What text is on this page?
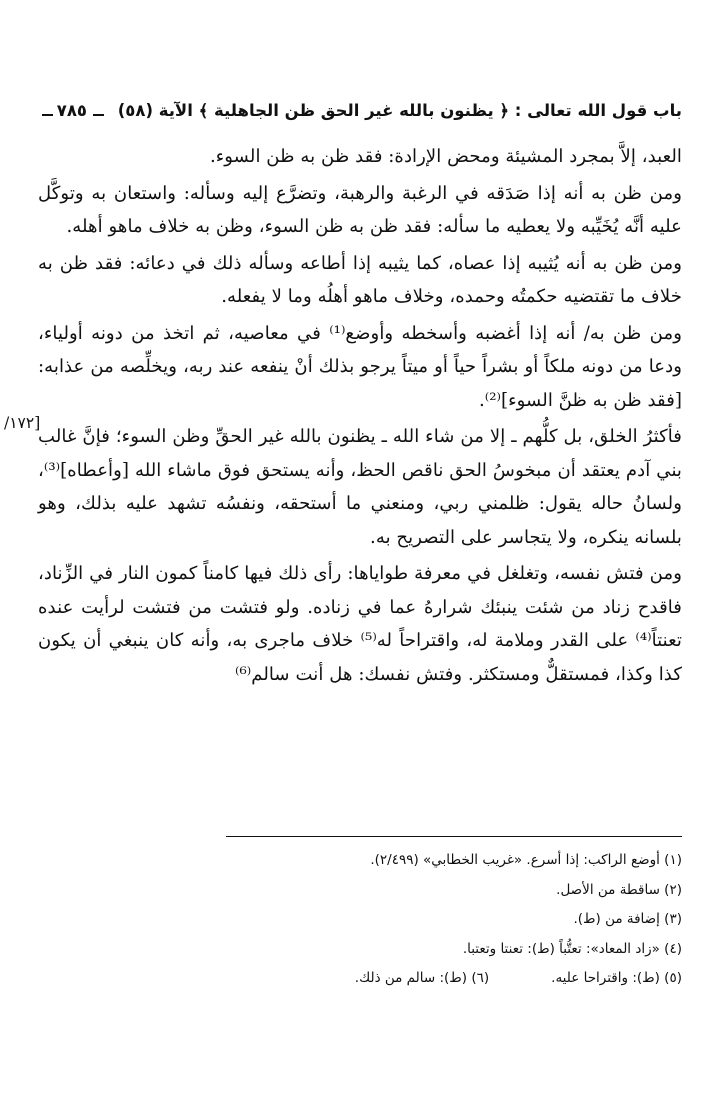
باب قول الله تعالى : ﴿ يظنون بالله غير الحق ظن الجاهلية ﴾ الآية (٥٨)
٧٨٥
[١٧٢/

العبد، إلاَّ بمجرد المشيئة ومحض الإرادة: فقد ظن به ظن السوء.

ومن ظن به أنه إذا صَدَقه في الرغبة والرهبة، وتضرَّع إليه وسأله: واستعان به وتوكَّل عليه أنَّه يُخَيِّبه ولا يعطيه ما سأله: فقد ظن به ظن السوء، وظن به خلاف ماهو أهله.

ومن ظن به أنه يُثيبه إذا عصاه، كما يثيبه إذا أطاعه وسأله ذلك في دعائه: فقد ظن به خلاف ما تقتضيه حكمتُه وحمده، وخلاف ماهو أهلُه وما لا يفعله.

ومن ظن به/ أنه إذا أغضبه وأسخطه وأوضع⁽¹⁾ في معاصيه، ثم اتخذ من دونه أولياء، ودعا من دونه ملكاً أو بشراً حياً أو ميتاً يرجو بذلك أنْ ينفعه عند ربه، ويخلِّصه من عذابه: [فقد ظن به ظنَّ السوء]⁽²⁾.

فأكثرُ الخلق، بل كلُّهم ـ إلا من شاء الله ـ يظنون بالله غير الحقِّ وظن السوء؛ فإنَّ غالب بني آدم يعتقد أن مبخوسُ الحق ناقص الحظ، وأنه يستحق فوق ماشاء الله [وأعطاه]⁽³⁾، ولسانُ حاله يقول: ظلمني ربي، ومنعني ما أستحقه، ونفسُه تشهد عليه بذلك، وهو بلسانه ينكره، ولا يتجاسر على التصريح به.

ومن فتش نفسه، وتغلغل في معرفة طواياها: رأى ذلك فيها كامناً كمون النار في الزِّناد، فاقدح زناد من شئت ينبئك شرارهُ عما في زناده. ولو فتشت من فتشت لرأيت عنده تعنتاً⁽⁴⁾ على القدر وملامة له، واقتراحاً له⁽⁵⁾ خلاف ماجرى به، وأنه كان ينبغي أن يكون كذا وكذا، فمستقلٌّ ومستكثر. وفتش نفسك: هل أنت سالم⁽⁶⁾

(١) أوضع الراكب: إذا أسرع. «غريب الخطابي» (٢/٤٩٩).
(٢) ساقطة من الأصل.
(٣) إضافة من (ط).
(٤) «زاد المعاد»: تعتُّباً (ط): تعنتا وتعتبا.
(٥) (ط): واقتراحا عليه.
(٦) (ط): سالم من ذلك.
